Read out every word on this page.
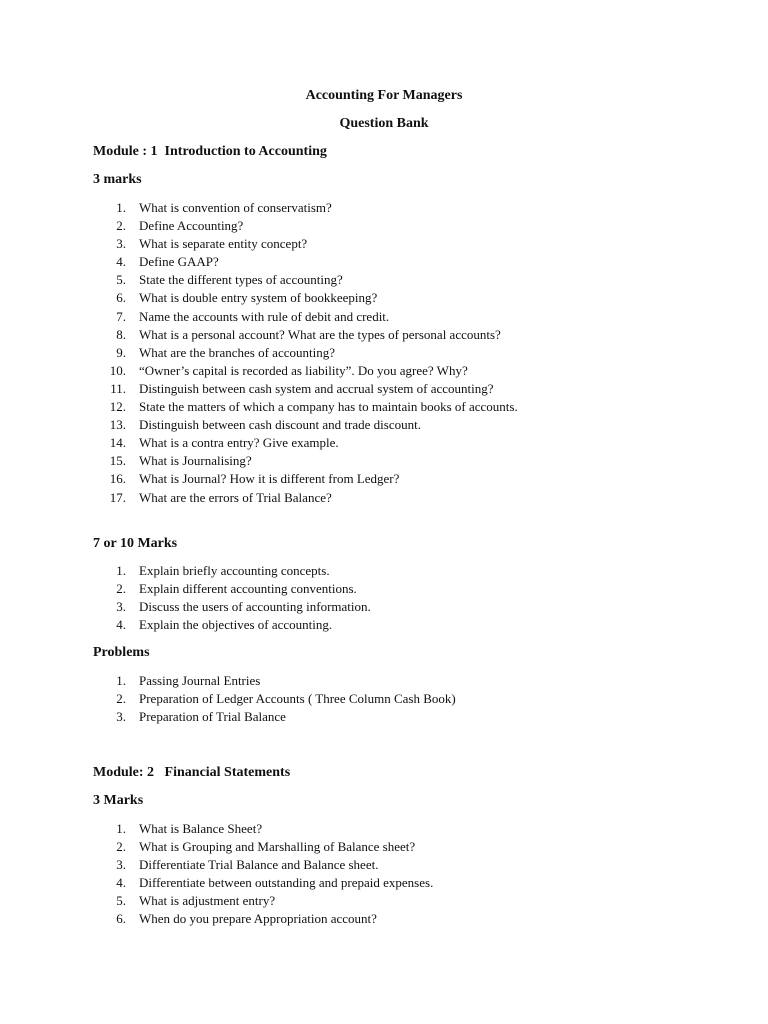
Accounting For Managers
Question Bank
Module : 1  Introduction to Accounting
3 marks
1. What is convention of conservatism?
2. Define Accounting?
3. What is separate entity concept?
4. Define GAAP?
5. State the different types of accounting?
6. What is double entry system of bookkeeping?
7. Name the accounts with rule of debit and credit.
8. What is a personal account? What are the types of personal accounts?
9. What are the branches of accounting?
10. “Owner’s capital is recorded as liability”. Do you agree? Why?
11. Distinguish between cash system and accrual system of accounting?
12. State the matters of which a company has to maintain books of accounts.
13. Distinguish between cash discount and trade discount.
14. What is a contra entry? Give example.
15. What is Journalising?
16. What is Journal? How it is different from Ledger?
17. What are the errors of Trial Balance?
7 or 10 Marks
1. Explain briefly accounting concepts.
2. Explain different accounting conventions.
3. Discuss the users of accounting information.
4. Explain the objectives of accounting.
Problems
1. Passing Journal Entries
2. Preparation of Ledger Accounts ( Three Column Cash Book)
3. Preparation of Trial Balance
Module: 2   Financial Statements
3 Marks
1. What is Balance Sheet?
2. What is Grouping and Marshalling of Balance sheet?
3. Differentiate Trial Balance and Balance sheet.
4. Differentiate between outstanding and prepaid expenses.
5. What is adjustment entry?
6. When do you prepare Appropriation account?
